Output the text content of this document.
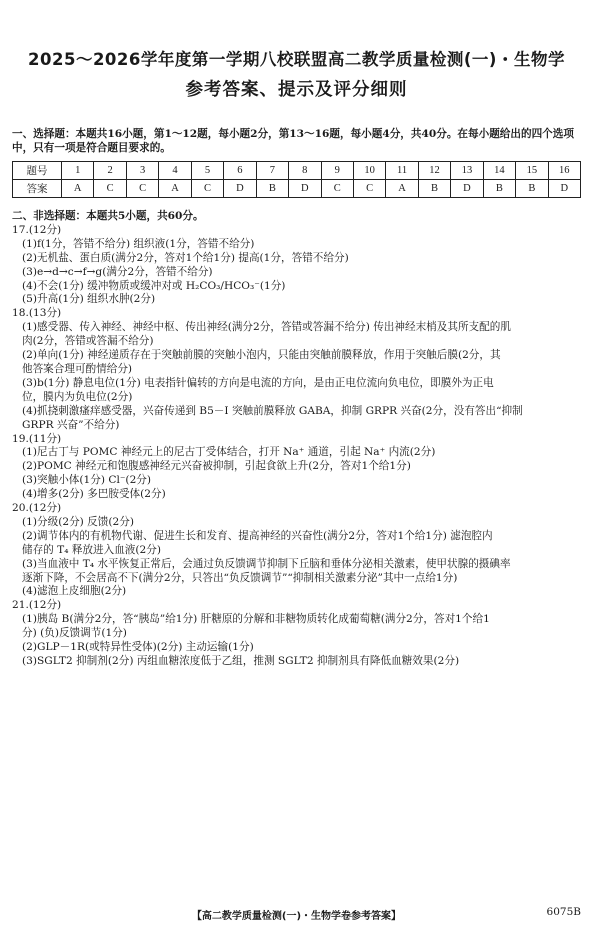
2025～2026学年度第一学期八校联盟高二教学质量检测(一)・生物学
参考答案、提示及评分细则
一、选择题：本题共16小题，第1～12题，每小题2分，第13～16题，每小题4分，共40分。在每小题给出的四个选项中，只有一项是符合题目要求的。
题号	1	2	3	4	5	6	7	8	9	10	11	12	13	14	15	16
答案	A	C	C	A	C	D	B	D	C	C	A	B	D	B	B	D
二、非选择题：本题共5小题，共60分。
17.(12分)
(1)f(1分，答错不给分) 组织液(1分，答错不给分)
(2)无机盐、蛋白质(满分2分，答对1个给1分) 提高(1分，答错不给分)
(3)e→d→c→f→g(满分2分，答错不给分)
(4)不会(1分) 缓冲物质或缓冲对或 H₂CO₃/HCO₃⁻(1分)
(5)升高(1分) 组织水肿(2分)
18.(13分)
(1)感受器、传入神经、神经中枢、传出神经(满分2分，答错或答漏不给分) 传出神经末梢及其所支配的肌
肉(2分，答错或答漏不给分)
(2)单向(1分) 神经递质存在于突触前膜的突触小泡内，只能由突触前膜释放，作用于突触后膜(2分，其
他答案合理可酌情给分)
(3)b(1分) 静息电位(1分) 电表指针偏转的方向是电流的方向，是由正电位流向负电位，即膜外为正电
位，膜内为负电位(2分)
(4)抓挠刺激瘙痒感受器，兴奋传递到 B5－I 突触前膜释放 GABA，抑制 GRPR 兴奋(2分，没有答出“抑制
GRPR 兴奋”不给分)
19.(11分)
(1)尼古丁与 POMC 神经元上的尼古丁受体结合，打开 Na⁺ 通道，引起 Na⁺ 内流(2分)
(2)POMC 神经元和饱腹感神经元兴奋被抑制，引起食欲上升(2分，答对1个给1分)
(3)突触小体(1分) Cl⁻(2分)
(4)增多(2分) 多巴胺受体(2分)
20.(12分)
(1)分级(2分) 反馈(2分)
(2)调节体内的有机物代谢、促进生长和发育、提高神经的兴奋性(满分2分，答对1个给1分) 滤泡腔内
储存的 T₄ 释放进入血液(2分)
(3)当血液中 T₄ 水平恢复正常后，会通过负反馈调节抑制下丘脑和垂体分泌相关激素，使甲状腺的摄碘率
逐渐下降，不会居高不下(满分2分，只答出“负反馈调节”“抑制相关激素分泌”其中一点给1分)
(4)滤泡上皮细胞(2分)
21.(12分)
(1)胰岛 B(满分2分，答“胰岛”给1分) 肝糖原的分解和非糖物质转化成葡萄糖(满分2分，答对1个给1
分) (负)反馈调节(1分)
(2)GLP－1R(或特异性受体)(2分) 主动运输(1分)
(3)SGLT2 抑制剂(2分) 丙组血糖浓度低于乙组，推测 SGLT2 抑制剂具有降低血糖效果(2分)
【高二教学质量检测(一)・生物学卷参考答案】	6075B
